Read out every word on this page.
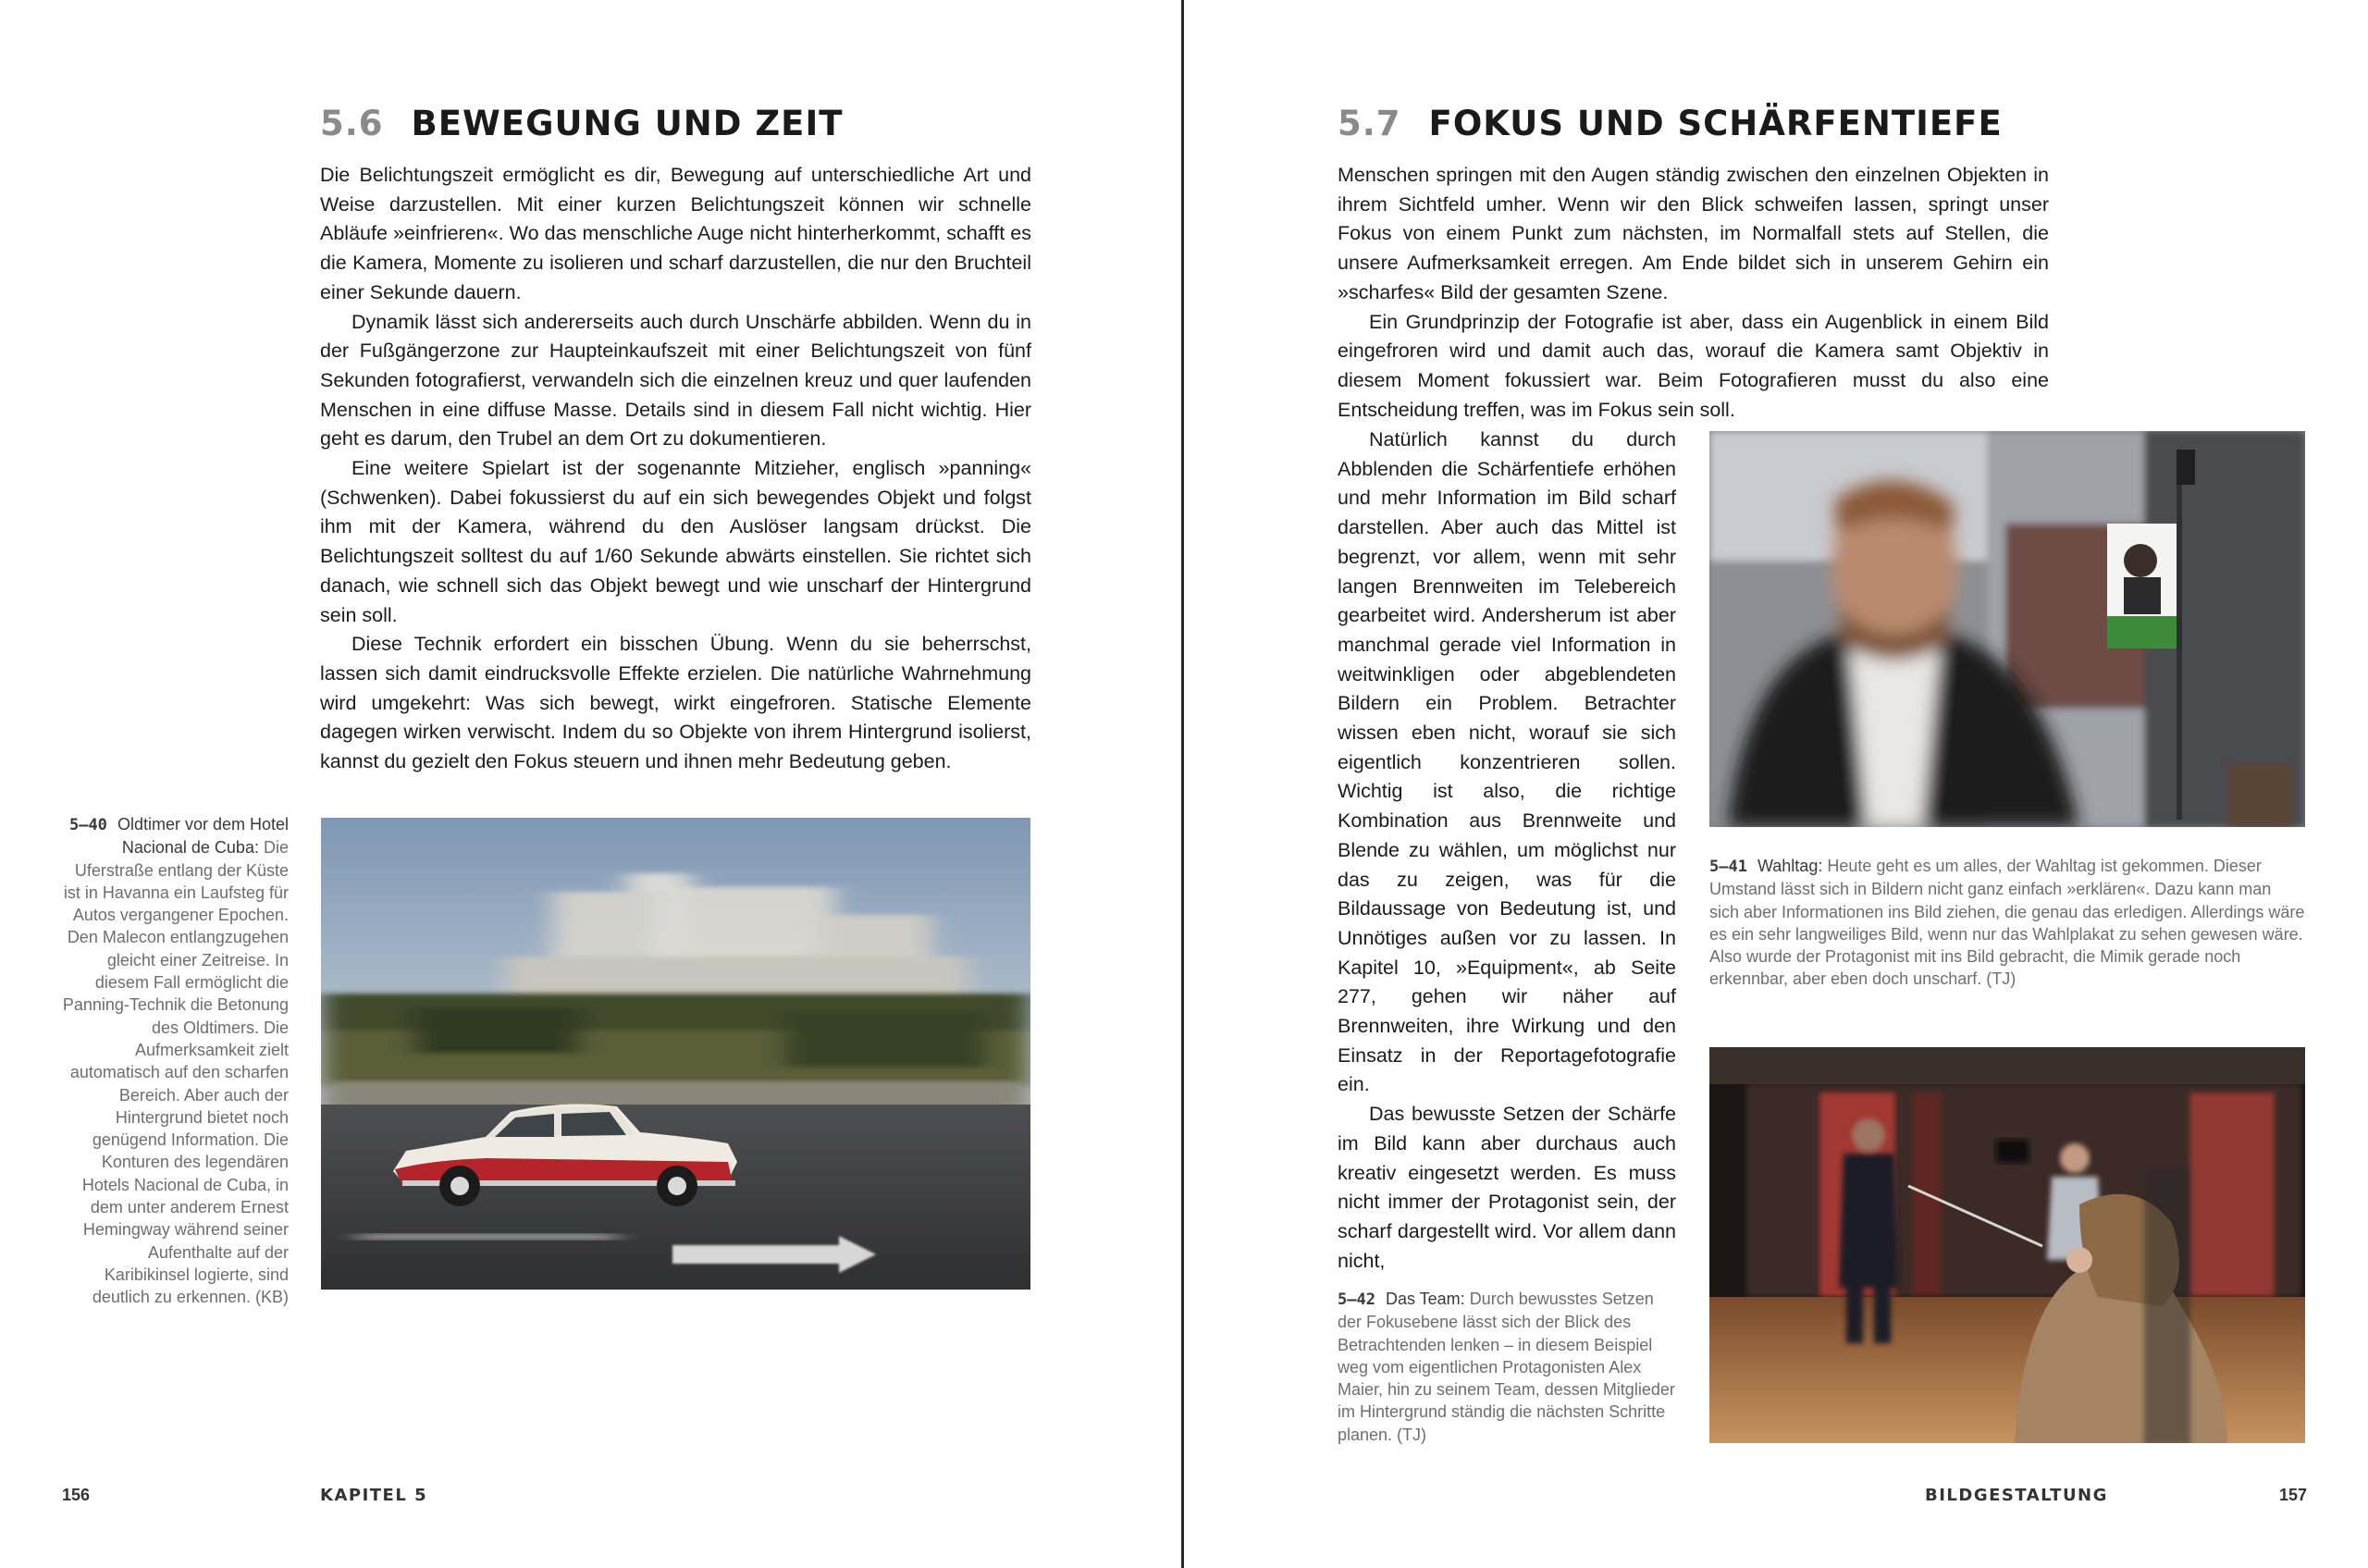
5.6 BEWEGUNG UND ZEIT

Die Belichtungszeit ermöglicht es dir, Bewegung auf unterschiedliche Art und Weise darzustellen. Mit einer kurzen Belichtungszeit können wir schnelle Abläufe »einfrieren«. Wo das menschliche Auge nicht hinterherkommt, schafft es die Kamera, Momente zu isolieren und scharf darzustellen, die nur den Bruchteil einer Sekunde dauern.

Dynamik lässt sich andererseits auch durch Unschärfe abbilden. Wenn du in der Fußgängerzone zur Haupteinkaufszeit mit einer Belichtungszeit von fünf Sekunden fotografierst, verwandeln sich die einzelnen kreuz und quer laufenden Menschen in eine diffuse Masse. Details sind in diesem Fall nicht wichtig. Hier geht es darum, den Trubel an dem Ort zu dokumentieren.

Eine weitere Spielart ist der sogenannte Mitzieher, englisch »panning« (Schwenken). Dabei fokussierst du auf ein sich bewegendes Objekt und folgst ihm mit der Kamera, während du den Auslöser langsam drückst. Die Belichtungszeit solltest du auf 1/60 Sekunde abwärts einstellen. Sie richtet sich danach, wie schnell sich das Objekt bewegt und wie unscharf der Hintergrund sein soll.

Diese Technik erfordert ein bisschen Übung. Wenn du sie beherrschst, lassen sich damit eindrucksvolle Effekte erzielen. Die natürliche Wahrnehmung wird umgekehrt: Was sich bewegt, wirkt eingefroren. Statische Elemente dagegen wirken verwischt. Indem du so Objekte von ihrem Hintergrund isolierst, kannst du gezielt den Fokus steuern und ihnen mehr Bedeutung geben.

5–40 Oldtimer vor dem Hotel Nacional de Cuba: Die Uferstraße entlang der Küste ist in Havanna ein Laufsteg für Autos vergangener Epochen. Den Malecon entlangzugehen gleicht einer Zeitreise. In diesem Fall ermöglicht die Panning-Technik die Betonung des Oldtimers. Die Aufmerksamkeit zielt automatisch auf den scharfen Bereich. Aber auch der Hintergrund bietet noch genügend Information. Die Konturen des legendären Hotels Nacional de Cuba, in dem unter anderem Ernest Hemingway während seiner Aufenthalte auf der Karibikinsel logierte, sind deutlich zu erkennen. (KB)
156	KAPITEL 5
5.7 FOKUS UND SCHÄRFENTIEFE

Menschen springen mit den Augen ständig zwischen den einzelnen Objekten in ihrem Sichtfeld umher. Wenn wir den Blick schweifen lassen, springt unser Fokus von einem Punkt zum nächsten, im Normalfall stets auf Stellen, die unsere Aufmerksamkeit erregen. Am Ende bildet sich in unserem Gehirn ein »scharfes« Bild der gesamten Szene.

Ein Grundprinzip der Fotografie ist aber, dass ein Augenblick in einem Bild eingefroren wird und damit auch das, worauf die Kamera samt Objektiv in diesem Moment fokussiert war. Beim Fotografieren musst du also eine Entscheidung treffen, was im Fokus sein soll.

Natürlich kannst du durch Abblenden die Schärfentiefe erhöhen und mehr Information im Bild scharf darstellen. Aber auch das Mittel ist begrenzt, vor allem, wenn mit sehr langen Brennweiten im Telebereich gearbeitet wird. Andersherum ist aber manchmal gerade viel Information in weitwinkligen oder abgeblendeten Bildern ein Problem. Betrachter wissen eben nicht, worauf sie sich eigentlich konzentrieren sollen. Wichtig ist also, die richtige Kombination aus Brennweite und Blende zu wählen, um möglichst nur das zu zeigen, was für die Bildaussage von Bedeutung ist, und Unnötiges außen vor zu lassen. In Kapitel 10, »Equipment«, ab Seite 277, gehen wir näher auf Brennweiten, ihre Wirkung und den Einsatz in der Reportagefotografie ein.

Das bewusste Setzen der Schärfe im Bild kann aber durchaus auch kreativ eingesetzt werden. Es muss nicht immer der Protagonist sein, der scharf dargestellt wird. Vor allem dann nicht,

5–41 Wahltag: Heute geht es um alles, der Wahltag ist gekommen. Dieser Umstand lässt sich in Bildern nicht ganz einfach »erklären«. Dazu kann man sich aber Informationen ins Bild ziehen, die genau das erledigen. Allerdings wäre es ein sehr langweiliges Bild, wenn nur das Wahlplakat zu sehen gewesen wäre. Also wurde der Protagonist mit ins Bild gebracht, die Mimik gerade noch erkennbar, aber eben doch unscharf. (TJ)
5–42 Das Team: Durch bewusstes Setzen der Fokusebene lässt sich der Blick des Betrachtenden lenken – in diesem Beispiel weg vom eigentlichen Protagonisten Alex Maier, hin zu seinem Team, dessen Mitglieder im Hintergrund ständig die nächsten Schritte planen. (TJ)
BILDGESTALTUNG	157
